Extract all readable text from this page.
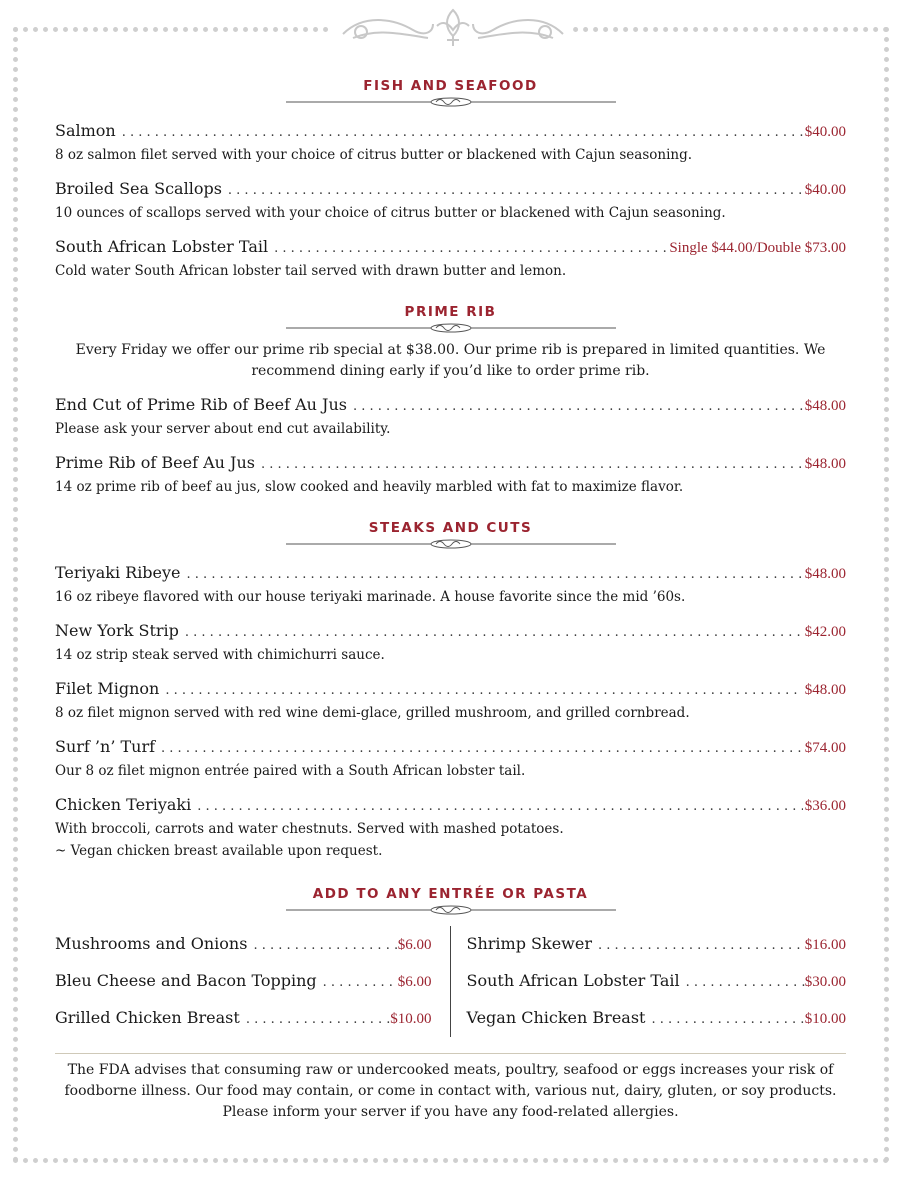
FISH AND SEAFOOD
Salmon . . .	$40.00
8 oz salmon filet served with your choice of citrus butter or blackened with Cajun seasoning.
Broiled Sea Scallops . . .	$40.00
10 ounces of scallops served with your choice of citrus butter or blackened with Cajun seasoning.
South African Lobster Tail . . .	Single $44.00/Double $73.00
Cold water South African lobster tail served with drawn butter and lemon.
PRIME RIB

Every Friday we offer our prime rib special at $38.00. Our prime rib is prepared in limited quantities. We recommend dining early if you’d like to order prime rib.

End Cut of Prime Rib of Beef Au Jus . . .	$48.00
Please ask your server about end cut availability.
Prime Rib of Beef Au Jus . . .	$48.00
14 oz prime rib of beef au jus, slow cooked and heavily marbled with fat to maximize flavor.
STEAKS AND CUTS
Teriyaki Ribeye . . .	$48.00
16 oz ribeye flavored with our house teriyaki marinade. A house favorite since the mid ’60s.
New York Strip . . .	$42.00
14 oz strip steak served with chimichurri sauce.
Filet Mignon . . .	$48.00
8 oz filet mignon served with red wine demi-glace, grilled mushroom, and grilled cornbread.
Surf ’n’ Turf . . .	$74.00
Our 8 oz filet mignon entrée paired with a South African lobster tail.
Chicken Teriyaki . . .	$36.00
With broccoli, carrots and water chestnuts. Served with mashed potatoes.
~ Vegan chicken breast available upon request.
ADD TO ANY ENTRÉE OR PASTA
Mushrooms and Onions . . .	$6.00
Bleu Cheese and Bacon Topping . . .	$6.00
Grilled Chicken Breast . . .	$10.00
Shrimp Skewer . . .	$16.00
South African Lobster Tail . . .	$30.00
Vegan Chicken Breast . . .	$10.00

The FDA advises that consuming raw or undercooked meats, poultry, seafood or eggs increases your risk of foodborne illness. Our food may contain, or come in contact with, various nut, dairy, gluten, or soy products. Please inform your server if you have any food-related allergies.
